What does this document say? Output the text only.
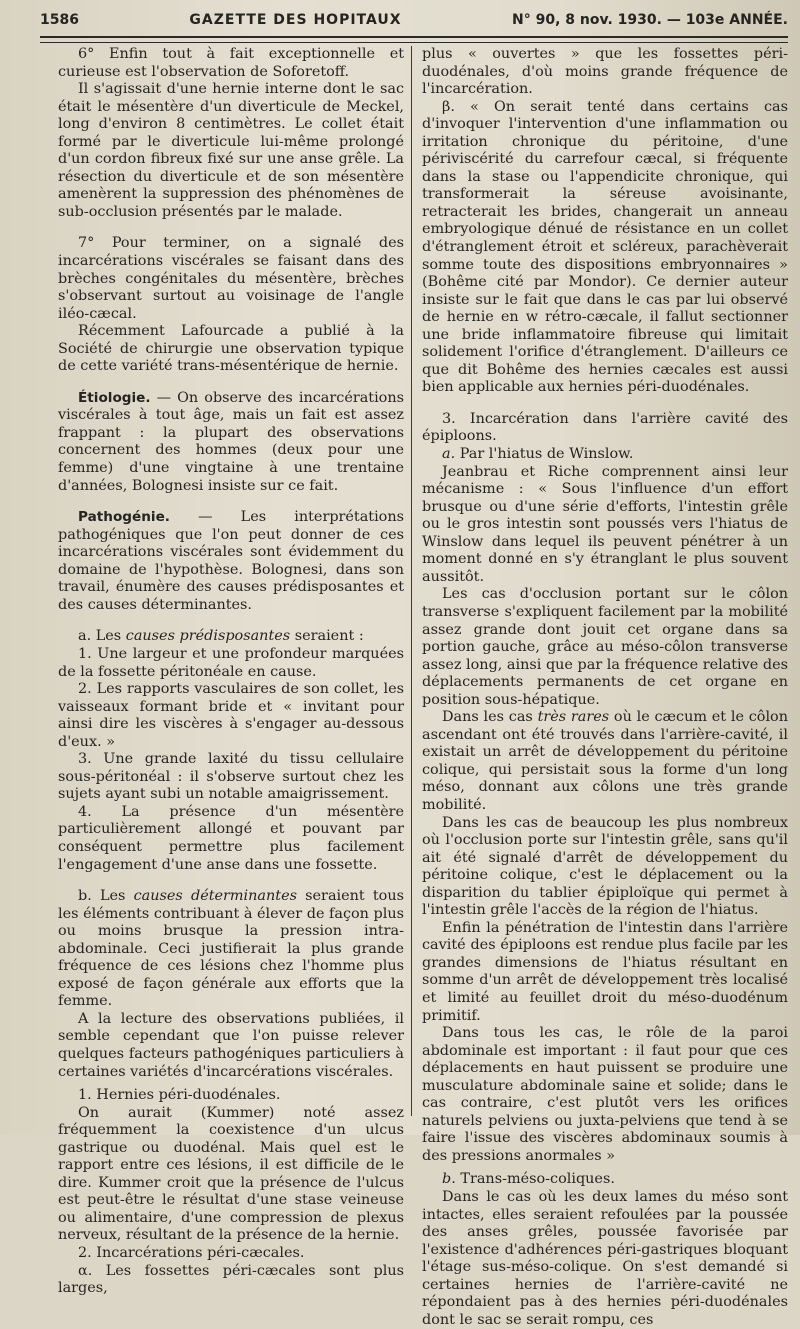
1586	GAZETTE DES HOPITAUX	N° 90, 8 nov. 1930. — 103e ANNÉE.

6° Enfin tout à fait exceptionnelle et curieuse est l'observation de Soforetoff.

Il s'agissait d'une hernie interne dont le sac était le mésentère d'un diverticule de Meckel, long d'environ 8 centimètres. Le collet était formé par le diverticule lui-même prolongé d'un cordon fibreux fixé sur une anse grêle. La résection du diverticule et de son mésentère amenèrent la suppression des phénomènes de sub-occlusion présentés par le malade.

7° Pour terminer, on a signalé des incarcérations viscérales se faisant dans des brèches congénitales du mésentère, brèches s'observant surtout au voisinage de l'angle iléo-cæcal.

Récemment Lafourcade a publié à la Société de chirurgie une observation typique de cette variété trans-mésentérique de hernie.

Étiologie. — On observe des incarcérations viscérales à tout âge, mais un fait est assez frappant : la plupart des observations concernent des hommes (deux pour une femme) d'une vingtaine à une trentaine d'années, Bolognesi insiste sur ce fait.

Pathogénie. — Les interprétations pathogéniques que l'on peut donner de ces incarcérations viscérales sont évidemment du domaine de l'hypothèse. Bolognesi, dans son travail, énumère des causes prédisposantes et des causes déterminantes.

a. Les causes prédisposantes seraient :

1. Une largeur et une profondeur marquées de la fossette péritonéale en cause.

2. Les rapports vasculaires de son collet, les vaisseaux formant bride et « invitant pour ainsi dire les viscères à s'engager au-dessous d'eux. »

3. Une grande laxité du tissu cellulaire sous-péritonéal : il s'observe surtout chez les sujets ayant subi un notable amaigrissement.

4. La présence d'un mésentère particulièrement allongé et pouvant par conséquent permettre plus facilement l'engagement d'une anse dans une fossette.

b. Les causes déterminantes seraient tous les éléments contribuant à élever de façon plus ou moins brusque la pression intra-abdominale. Ceci justifierait la plus grande fréquence de ces lésions chez l'homme plus exposé de façon générale aux efforts que la femme.

A la lecture des observations publiées, il semble cependant que l'on puisse relever quelques facteurs pathogéniques particuliers à certaines variétés d'incarcérations viscérales.

1. Hernies péri-duodénales.

On aurait (Kummer) noté assez fréquemment la coexistence d'un ulcus gastrique ou duodénal. Mais quel est le rapport entre ces lésions, il est difficile de le dire. Kummer croit que la présence de l'ulcus est peut-être le résultat d'une stase veineuse ou alimentaire, d'une compression de plexus nerveux, résultant de la présence de la hernie.

2. Incarcérations péri-cæcales.

α. Les fossettes péri-cæcales sont plus larges,

plus « ouvertes » que les fossettes péri-duodénales, d'où moins grande fréquence de l'incarcération.

β. « On serait tenté dans certains cas d'invoquer l'intervention d'une inflammation ou irritation chronique du péritoine, d'une périviscérité du carrefour cæcal, si fréquente dans la stase ou l'appendicite chronique, qui transformerait la séreuse avoisinante, retracterait les brides, changerait un anneau embryologique dénué de résistance en un collet d'étranglement étroit et scléreux, parachèverait somme toute des dispositions embryonnaires » (Bohême cité par Mondor). Ce dernier auteur insiste sur le fait que dans le cas par lui observé de hernie en w rétro-cæcale, il fallut sectionner une bride inflammatoire fibreuse qui limitait solidement l'orifice d'étranglement. D'ailleurs ce que dit Bohême des hernies cæcales est aussi bien applicable aux hernies péri-duodénales.

3. Incarcération dans l'arrière cavité des épiploons.

a. Par l'hiatus de Winslow.

Jeanbrau et Riche comprennent ainsi leur mécanisme : « Sous l'influence d'un effort brusque ou d'une série d'efforts, l'intestin grêle ou le gros intestin sont poussés vers l'hiatus de Winslow dans lequel ils peuvent pénétrer à un moment donné en s'y étranglant le plus souvent aussitôt.

Les cas d'occlusion portant sur le côlon transverse s'expliquent facilement par la mobilité assez grande dont jouit cet organe dans sa portion gauche, grâce au méso-côlon transverse assez long, ainsi que par la fréquence relative des déplacements permanents de cet organe en position sous-hépatique.

Dans les cas très rares où le cæcum et le côlon ascendant ont été trouvés dans l'arrière-cavité, il existait un arrêt de développement du péritoine colique, qui persistait sous la forme d'un long méso, donnant aux côlons une très grande mobilité.

Dans les cas de beaucoup les plus nombreux où l'occlusion porte sur l'intestin grêle, sans qu'il ait été signalé d'arrêt de développement du péritoine colique, c'est le déplacement ou la disparition du tablier épiploïque qui permet à l'intestin grêle l'accès de la région de l'hiatus.

Enfin la pénétration de l'intestin dans l'arrière cavité des épiploons est rendue plus facile par les grandes dimensions de l'hiatus résultant en somme d'un arrêt de développement très localisé et limité au feuillet droit du méso-duodénum primitif.

Dans tous les cas, le rôle de la paroi abdominale est important : il faut pour que ces déplacements en haut puissent se produire une musculature abdominale saine et solide; dans le cas contraire, c'est plutôt vers les orifices naturels pelviens ou juxta-pelviens que tend à se faire l'issue des viscères abdominaux soumis à des pressions anormales »

b. Trans-méso-coliques.

Dans le cas où les deux lames du méso sont intactes, elles seraient refoulées par la poussée des anses grêles, poussée favorisée par l'existence d'adhérences péri-gastriques bloquant l'étage sus-méso-colique. On s'est demandé si certaines hernies de l'arrière-cavité ne répondaient pas à des hernies péri-duodénales dont le sac se serait rompu, ces
